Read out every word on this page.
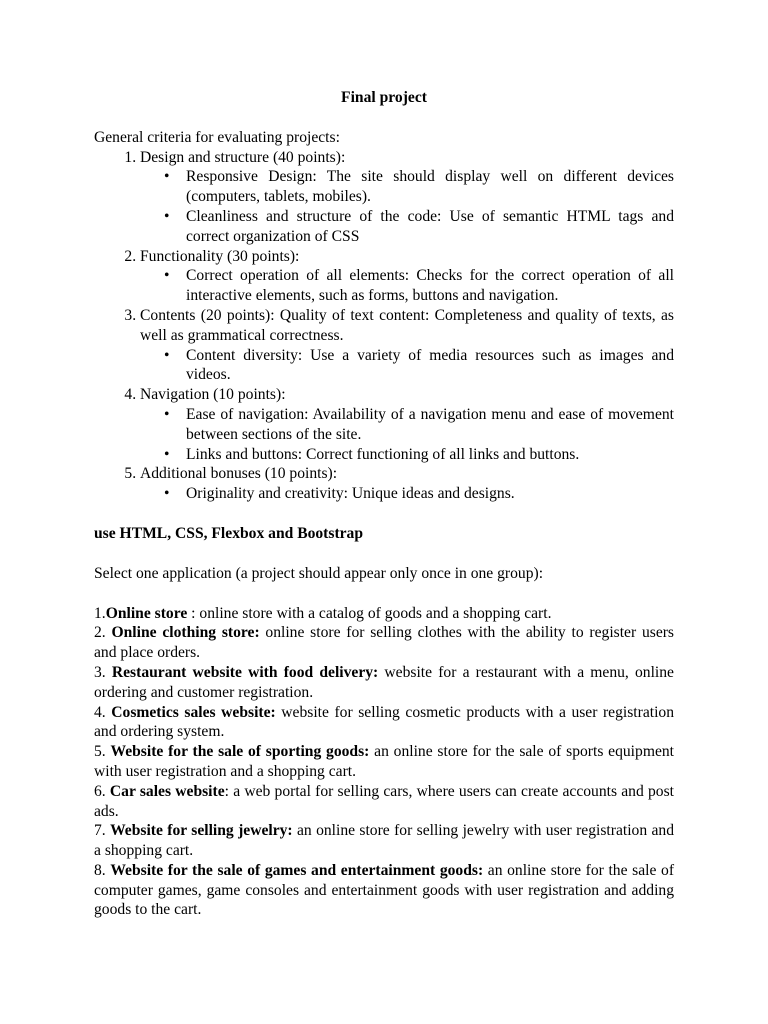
Final project

General criteria for evaluating projects:

1. Design and structure (40 points):
• Responsive Design: The site should display well on different devices (computers, tablets, mobiles).
• Cleanliness and structure of the code: Use of semantic HTML tags and correct organization of CSS
2. Functionality (30 points):
• Correct operation of all elements: Checks for the correct operation of all interactive elements, such as forms, buttons and navigation.
3. Contents (20 points): Quality of text content: Completeness and quality of texts, as well as grammatical correctness.
• Content diversity: Use a variety of media resources such as images and videos.
4. Navigation (10 points):
• Ease of navigation: Availability of a navigation menu and ease of movement between sections of the site.
• Links and buttons: Correct functioning of all links and buttons.
5. Additional bonuses (10 points):
• Originality and creativity: Unique ideas and designs.

use HTML, CSS, Flexbox and Bootstrap

Select one application (a project should appear only once in one group):

1.Online store : online store with a catalog of goods and a shopping cart.

2. Online clothing store: online store for selling clothes with the ability to register users and place orders.

3. Restaurant website with food delivery: website for a restaurant with a menu, online ordering and customer registration.

4. Cosmetics sales website: website for selling cosmetic products with a user registration and ordering system.

5. Website for the sale of sporting goods: an online store for the sale of sports equipment with user registration and a shopping cart.

6. Car sales website: a web portal for selling cars, where users can create accounts and post ads.

7. Website for selling jewelry: an online store for selling jewelry with user registration and a shopping cart.

8. Website for the sale of games and entertainment goods: an online store for the sale of computer games, game consoles and entertainment goods with user registration and adding goods to the cart.
